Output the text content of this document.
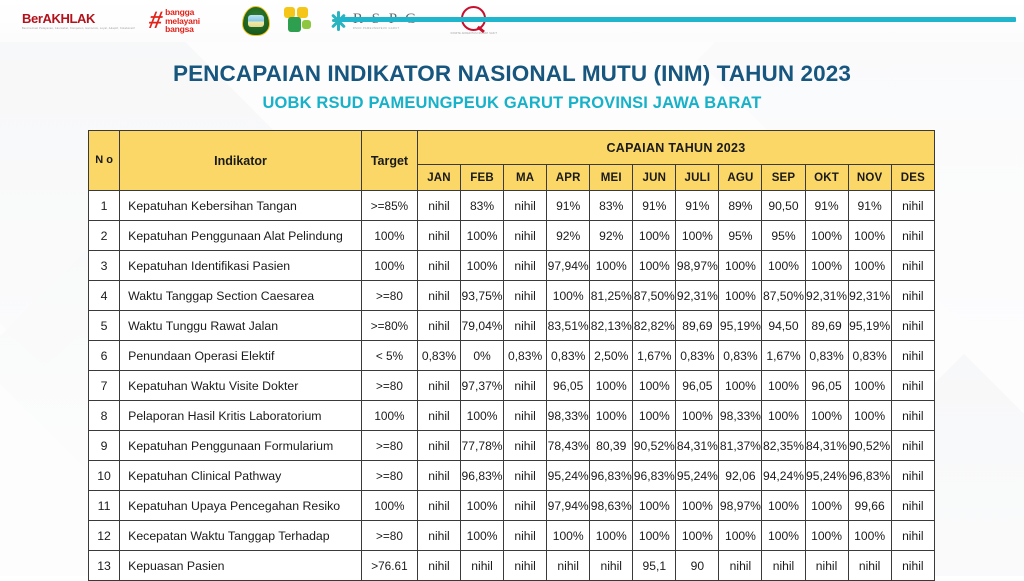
BerAKHLAK
Berorientasi Pelayanan, Akuntabel, Kompeten, Harmonis, Loyal, Adaptif, Kolaboratif # bangga
melayani
bangsa	RSUD PAMEUNGPEUK GARUT
KOMITE AKREDITASI RUMAH SAKIT
PENCAPAIAN INDIKATOR NASIONAL MUTU (INM) TAHUN 2023
UOBK RSUD PAMEUNGPEUK GARUT PROVINSI JAWA BARAT
N o	Indikator	Target	CAPAIAN TAHUN 2023											
			JAN	FEB	MA	APR	MEI	JUN	JULI	AGU	SEP	OKT	NOV	DES
1	Kepatuhan Kebersihan Tangan	>=85%	nihil	83%	nihil	91%	83%	91%	91%	89%	90,50	91%	91%	nihil
2	Kepatuhan Penggunaan Alat Pelindung	100%	nihil	100%	nihil	92%	92%	100%	100%	95%	95%	100%	100%	nihil
3	Kepatuhan Identifikasi Pasien	100%	nihil	100%	nihil	97,94%	100%	100%	98,97%	100%	100%	100%	100%	nihil
4	Waktu Tanggap Section Caesarea	>=80	nihil	93,75%	nihil	100%	81,25%	87,50%	92,31%	100%	87,50%	92,31%	92,31%	nihil
5	Waktu Tunggu Rawat Jalan	>=80%	nihil	79,04%	nihil	83,51%	82,13%	82,82%	89,69	95,19%	94,50	89,69	95,19%	nihil
6	Penundaan Operasi Elektif	< 5%	0,83%	0%	0,83%	0,83%	2,50%	1,67%	0,83%	0,83%	1,67%	0,83%	0,83%	nihil
7	Kepatuhan Waktu Visite Dokter	>=80	nihil	97,37%	nihil	96,05	100%	100%	96,05	100%	100%	96,05	100%	nihil
8	Pelaporan Hasil Kritis Laboratorium	100%	nihil	100%	nihil	98,33%	100%	100%	100%	98,33%	100%	100%	100%	nihil
9	Kepatuhan Penggunaan Formularium	>=80	nihil	77,78%	nihil	78,43%	80,39	90,52%	84,31%	81,37%	82,35%	84,31%	90,52%	nihil
10	Kepatuhan Clinical Pathway	>=80	nihil	96,83%	nihil	95,24%	96,83%	96,83%	95,24%	92,06	94,24%	95,24%	96,83%	nihil
11	Kepatuhan Upaya Pencegahan Resiko	100%	nihil	100%	nihil	97,94%	98,63%	100%	100%	98,97%	100%	100%	99,66	nihil
12	Kecepatan Waktu Tanggap Terhadap	>=80	nihil	100%	nihil	100%	100%	100%	100%	100%	100%	100%	100%	nihil
13	Kepuasan Pasien	>76.61	nihil	nihil	nihil	nihil	nihil	95,1	90	nihil	nihil	nihil	nihil	nihil
